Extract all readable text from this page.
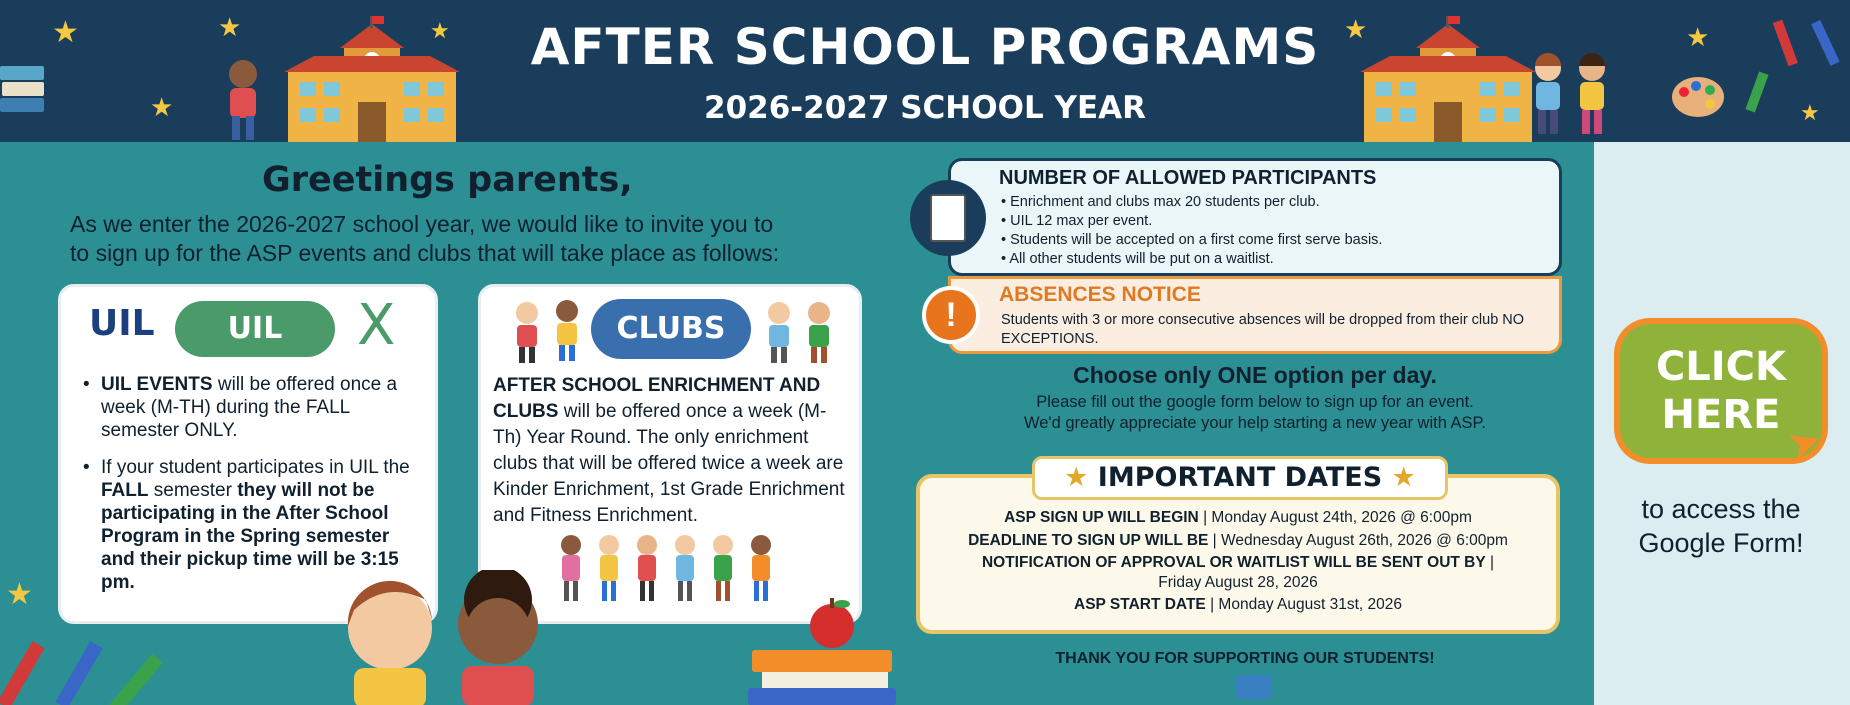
★	★	★
★
★	★
★
AFTER SCHOOL PROGRAMS
2026-2027 SCHOOL YEAR
Greetings parents,
As we enter the 2026-2027 school year, we would like to invite you to
to sign up for the ASP events and clubs that will take place as follows:
UIL	UIL	X
• UIL EVENTS will be offered once a week (M-TH) during the FALL semester ONLY.
• If your student participates in UIL the FALL semester they will not be participating in the After School Program in the Spring semester and their pickup time will be 3:15 pm.
CLUBS
AFTER SCHOOL ENRICHMENT AND CLUBS will be offered once a week (M-Th) Year Round. The only enrichment clubs that will be offered twice a week are Kinder Enrichment, 1st Grade Enrichment and Fitness Enrichment.
★
NUMBER OF ALLOWED PARTICIPANTS
• Enrichment and clubs max 20 students per club.
• UIL 12 max per event.
• Students will be accepted on a first come first serve basis.
• All other students will be put on a waitlist.
ABSENCES NOTICE
Students with 3 or more consecutive absences will be dropped from their club NO EXCEPTIONS.
!
Choose only ONE option per day.
Please fill out the google form below to sign up for an event.
We'd greatly appreciate your help starting a new year with ASP.
★ IMPORTANT DATES ★

ASP SIGN UP WILL BEGIN | Monday August 24th, 2026 @ 6:00pm

DEADLINE TO SIGN UP WILL BE | Wednesday August 26th, 2026 @ 6:00pm

NOTIFICATION OF APPROVAL OR WAITLIST WILL BE SENT OUT BY |
Friday August 28, 2026

ASP START DATE | Monday August 31st, 2026

THANK YOU FOR SUPPORTING OUR STUDENTS!
CLICK
HERE
➤
to access the
Google Form!
